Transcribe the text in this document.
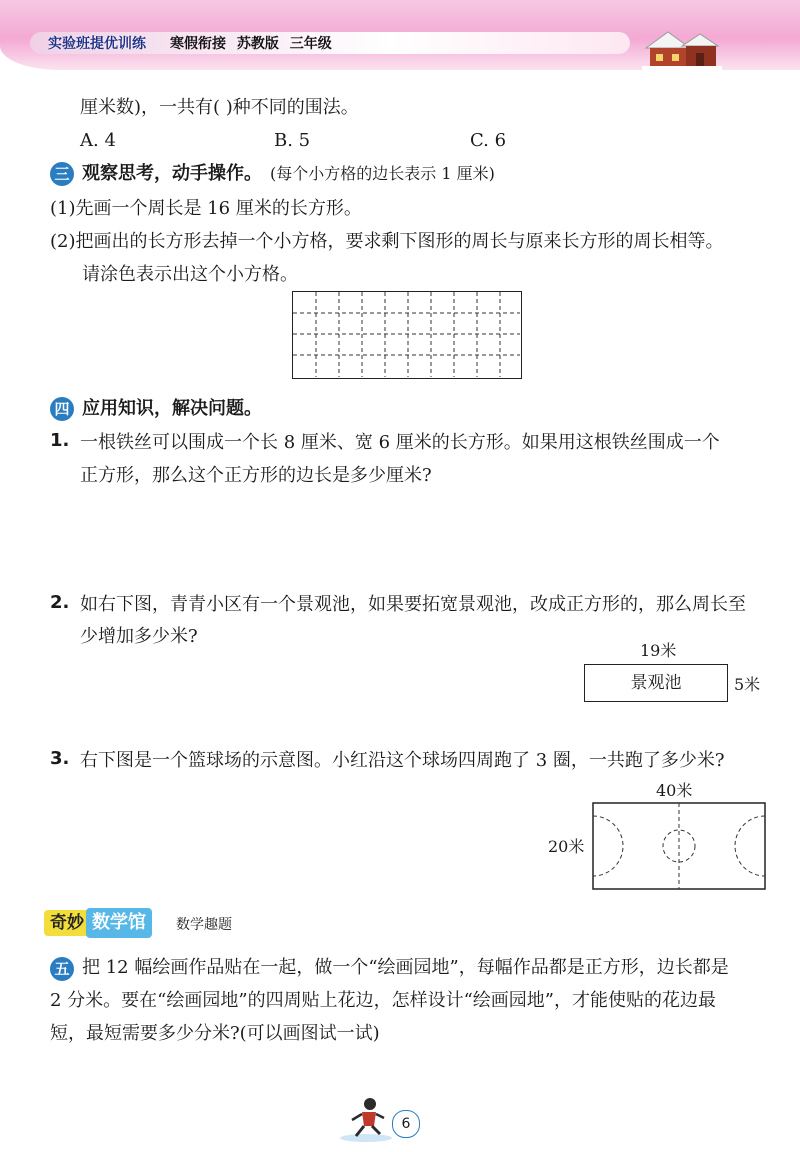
实验班提优训练 寒假衔接 苏教版 三年级
厘米数)，一共有( )种不同的围法。
A. 4	B. 5	C. 6
三 观察思考，动手操作。 (每个小方格的边长表示 1 厘米)
(1)先画一个周长是 16 厘米的长方形。
(2)把画出的长方形去掉一个小方格，要求剩下图形的周长与原来长方形的周长相等。
请涂色表示出这个小方格。
四 应用知识，解决问题。
1. 一根铁丝可以围成一个长 8 厘米、宽 6 厘米的长方形。如果用这根铁丝围成一个
正方形，那么这个正方形的边长是多少厘米?
2. 如右下图，青青小区有一个景观池，如果要拓宽景观池，改成正方形的，那么周长至
少增加多少米?
19米
景观池	5米
3. 右下图是一个篮球场的示意图。小红沿这个球场四周跑了 3 圈，一共跑了多少米?
40米
20米
奇妙 数学馆	数学趣题
五 把 12 幅绘画作品贴在一起，做一个“绘画园地”，每幅作品都是正方形，边长都是
2 分米。要在“绘画园地”的四周贴上花边，怎样设计“绘画园地”，才能使贴的花边最
短，最短需要多少分米?(可以画图试一试)
6
